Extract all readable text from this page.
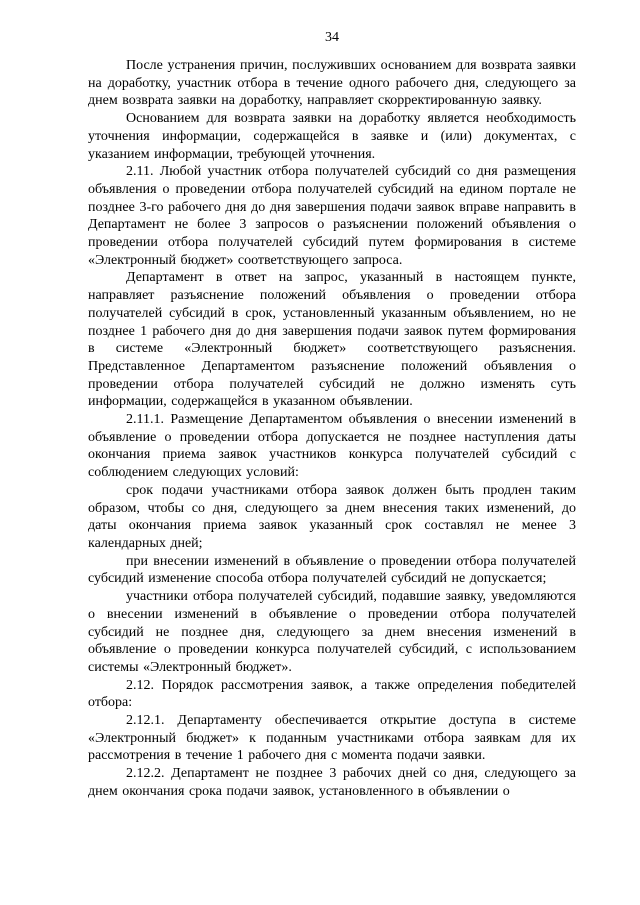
34

После устранения причин, послуживших основанием для возврата заявки на доработку, участник отбора в течение одного рабочего дня, следующего за днем возврата заявки на доработку, направляет скорректированную заявку.

Основанием для возврата заявки на доработку является необходимость уточнения информации, содержащейся в заявке и (или) документах, с указанием информации, требующей уточнения.

2.11. Любой участник отбора получателей субсидий со дня размещения объявления о проведении отбора получателей субсидий на едином портале не позднее 3-го рабочего дня до дня завершения подачи заявок вправе направить в Департамент не более 3 запросов о разъяснении положений объявления о проведении отбора получателей субсидий путем формирования в системе «Электронный бюджет» соответствующего запроса.

Департамент в ответ на запрос, указанный в настоящем пункте, направляет разъяснение положений объявления о проведении отбора получателей субсидий в срок, установленный указанным объявлением, но не позднее 1 рабочего дня до дня завершения подачи заявок путем формирования в системе «Электронный бюджет» соответствующего разъяснения. Представленное Департаментом разъяснение положений объявления о проведении отбора получателей субсидий не должно изменять суть информации, содержащейся в указанном объявлении.

2.11.1. Размещение Департаментом объявления о внесении изменений в объявление о проведении отбора допускается не позднее наступления даты окончания приема заявок участников конкурса получателей субсидий с соблюдением следующих условий:

срок подачи участниками отбора заявок должен быть продлен таким образом, чтобы со дня, следующего за днем внесения таких изменений, до даты окончания приема заявок указанный срок составлял не менее 3 календарных дней;

при внесении изменений в объявление о проведении отбора получателей субсидий изменение способа отбора получателей субсидий не допускается;

участники отбора получателей субсидий, подавшие заявку, уведомляются о внесении изменений в объявление о проведении отбора получателей субсидий не позднее дня, следующего за днем внесения изменений в объявление о проведении конкурса получателей субсидий, с использованием системы «Электронный бюджет».

2.12. Порядок рассмотрения заявок, а также определения победителей отбора:

2.12.1. Департаменту обеспечивается открытие доступа в системе «Электронный бюджет» к поданным участниками отбора заявкам для их рассмотрения в течение 1 рабочего дня с момента подачи заявки.

2.12.2. Департамент не позднее 3 рабочих дней со дня, следующего за днем окончания срока подачи заявок, установленного в объявлении о
